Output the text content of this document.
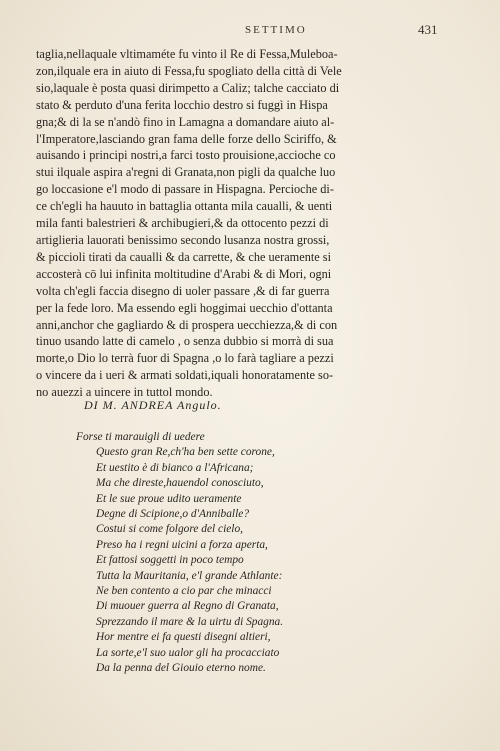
SETTIMO	431
taglia,nellaquale vltimaméte fu vinto il Re di Fessa,Muleboa-
zon,ilquale era in aiuto di Fessa,fu spogliato della città di Vele
sio,laquale è posta quasi dirimpetto a Caliz; talche cacciato di
stato & perduto d'una ferita locchio destro si fuggì in Hispa
gna;& di la se n'andò fino in Lamagna a domandare aiuto al-
l'Imperatore,lasciando gran fama delle forze dello Sciriffo, &
auisando i principi nostri,a farci tosto prouisione,accioche co
stui ilquale aspira a'regni di Granata,non pigli da qualche luo
go loccasione e'l modo di passare in Hispagna. Percioche di-
ce ch'egli ha hauuto in battaglia ottanta mila caualli, & uenti
mila fanti balestrieri & archibugieri,& da ottocento pezzi di
artiglieria lauorati benissimo secondo lusanza nostra grossi,
& piccioli tirati da caualli & da carrette, & che ueramente si
accosterà cō lui infinita moltitudine d'Arabi & di Mori, ogni
volta ch'egli faccia disegno di uoler passare ,& di far guerra
per la fede loro. Ma essendo egli hoggimai uecchio d'ottanta
anni,anchor che gagliardo & di prospera uecchiezza,& di con
tinuo usando latte di camelo , o senza dubbio si morrà di sua
morte,o Dio lo terrà fuor di Spagna ,o lo farà tagliare a pezzi
o vincere da i ueri & armati soldati,iquali honoratamente so-
no auezzi a uincere in tuttol mondo.
DI M. ANDREA Angulo.
Forse ti marauigli di uedere
Questo gran Re,ch'ha ben sette corone,
Et uestito è di bianco a l'Africana;
Ma che direste,hauendol conosciuto,
Et le sue proue udito ueramente
Degne di Scipione,o d'Anniballe?
Costui si come folgore del cielo,
Preso ha i regni uicini a forza aperta,
Et fattosi soggetti in poco tempo
Tutta la Mauritania, e'l grande Athlante:
Ne ben contento a cio par che minacci
Di muouer guerra al Regno di Granata,
Sprezzando il mare & la uirtu di Spagna.
Hor mentre ei fa questi disegni altieri,
La sorte,e'l suo ualor gli ha procacciato
Da la penna del Giouio eterno nome.
